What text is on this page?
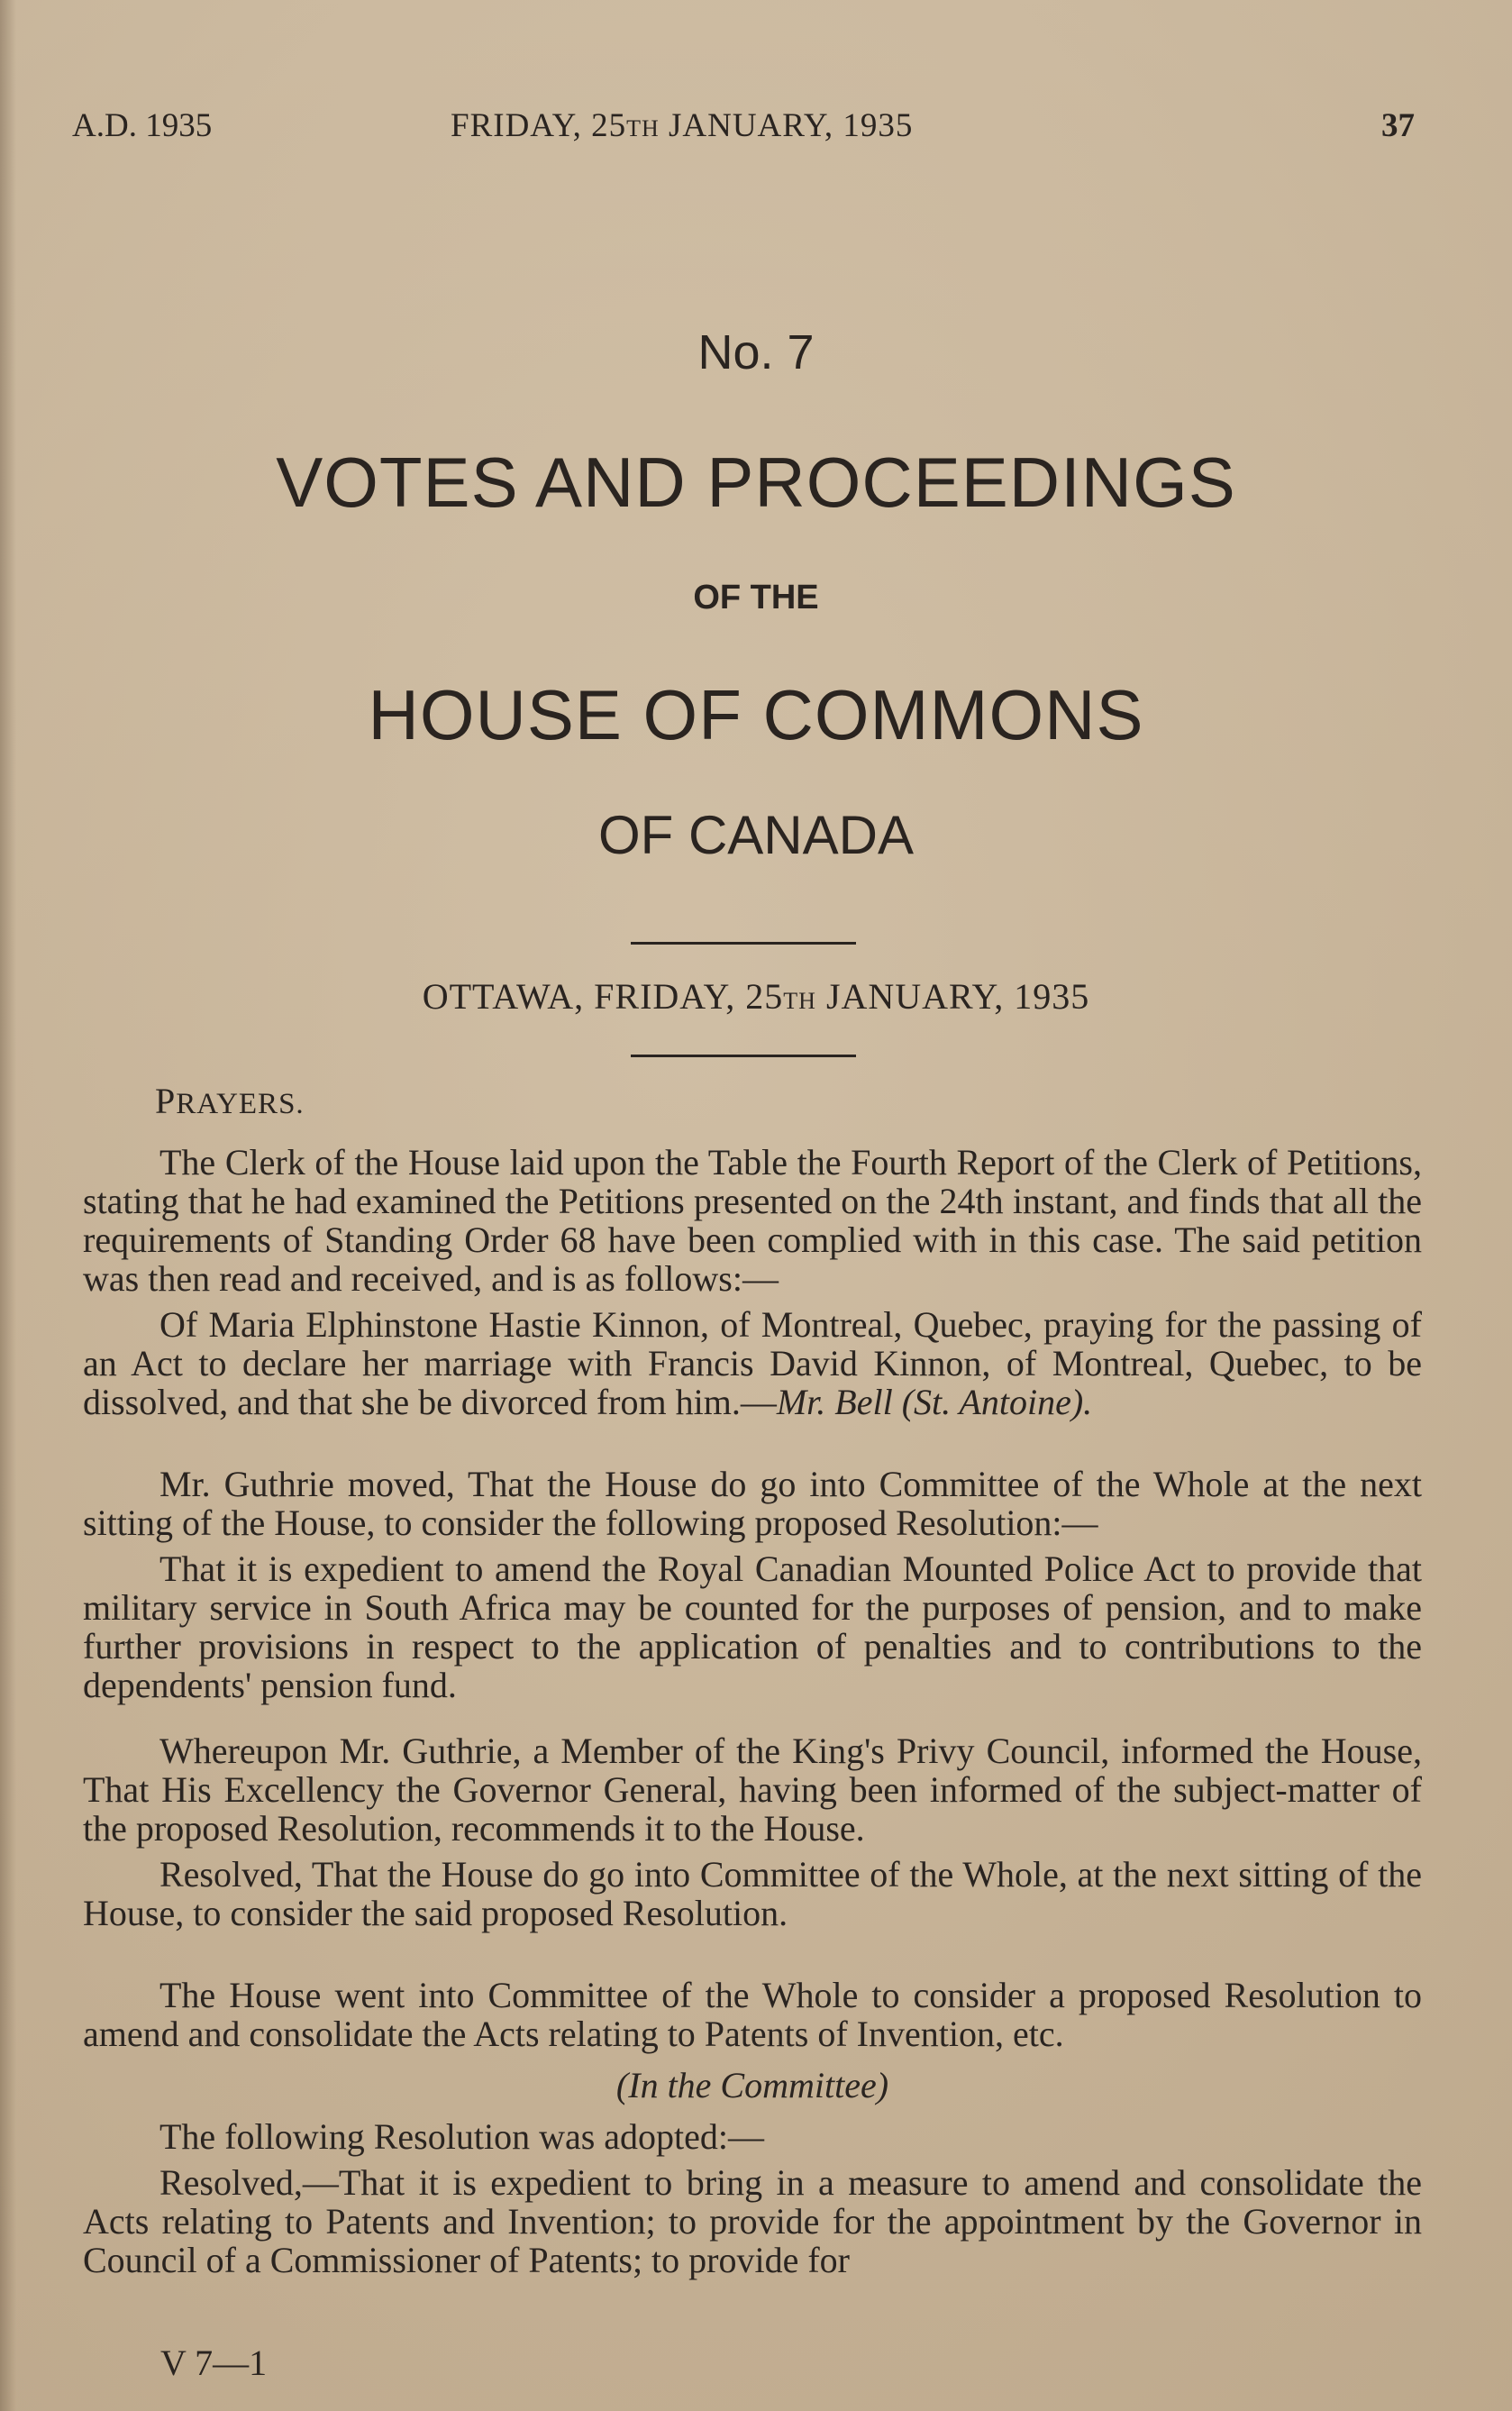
A.D. 1935	FRIDAY, 25TH JANUARY, 1935	37
No. 7
VOTES AND PROCEEDINGS
OF THE
HOUSE OF COMMONS
OF CANADA
OTTAWA, FRIDAY, 25TH JANUARY, 1935
PRAYERS.

The Clerk of the House laid upon the Table the Fourth Report of the Clerk of Petitions, stating that he had examined the Petitions presented on the 24th instant, and finds that all the requirements of Standing Order 68 have been complied with in this case. The said petition was then read and received, and is as follows:—

Of Maria Elphinstone Hastie Kinnon, of Montreal, Quebec, praying for the passing of an Act to declare her marriage with Francis David Kinnon, of Montreal, Quebec, to be dissolved, and that she be divorced from him.—Mr. Bell (St. Antoine).

Mr. Guthrie moved, That the House do go into Committee of the Whole at the next sitting of the House, to consider the following proposed Resolution:—

That it is expedient to amend the Royal Canadian Mounted Police Act to provide that military service in South Africa may be counted for the purposes of pension, and to make further provisions in respect to the application of penalties and to contributions to the dependents' pension fund.

Whereupon Mr. Guthrie, a Member of the King's Privy Council, informed the House, That His Excellency the Governor General, having been informed of the subject-matter of the proposed Resolution, recommends it to the House.

Resolved, That the House do go into Committee of the Whole, at the next sitting of the House, to consider the said proposed Resolution.

The House went into Committee of the Whole to consider a proposed Resolution to amend and consolidate the Acts relating to Patents of Invention, etc.

(In the Committee)

The following Resolution was adopted:—

Resolved,—That it is expedient to bring in a measure to amend and consolidate the Acts relating to Patents and Invention; to provide for the appointment by the Governor in Council of a Commissioner of Patents; to provide for

V 7—1
